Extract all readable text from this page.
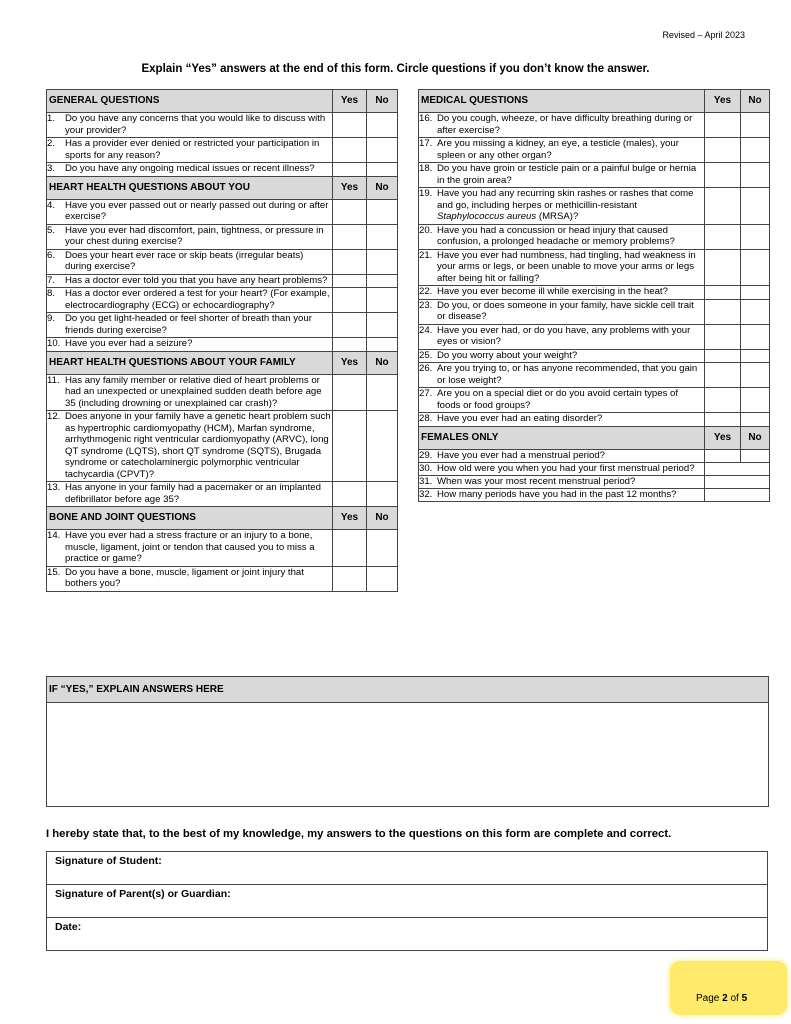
Revised – April 2023
Explain “Yes” answers at the end of this form. Circle questions if you don’t know the answer.
GENERAL QUESTIONS	Yes	No

1. Do you have any concerns that you would like to discuss with your provider?		

2. Has a provider ever denied or restricted your participation in sports for any reason?		

3. Do you have any ongoing medical issues or recent illness?		

HEART HEALTH QUESTIONS ABOUT YOU	Yes	No

4. Have you ever passed out or nearly passed out during or after exercise?		

5. Have you ever had discomfort, pain, tightness, or pressure in your chest during exercise?		

6. Does your heart ever race or skip beats (irregular beats) during exercise?		

7. Has a doctor ever told you that you have any heart problems?		

8. Has a doctor ever ordered a test for your heart? (For example, electrocardiography (ECG) or echocardiography?		

9. Do you get light-headed or feel shorter of breath than your friends during exercise?		

10. Have you ever had a seizure?		

HEART HEALTH QUESTIONS ABOUT YOUR FAMILY	Yes	No

11. Has any family member or relative died of heart problems or had an unexpected or unexplained sudden death before age 35 (including drowning or unexplained car crash)?		

12. Does anyone in your family have a genetic heart problem such as hypertrophic cardiomyopathy (HCM), Marfan syndrome, arrhythmogenic right ventricular cardiomyopathy (ARVC), long QT syndrome (LQTS), short QT syndrome (SQTS), Brugada syndrome or catecholaminergic polymorphic ventricular tachycardia (CPVT)?		

13. Has anyone in your family had a pacemaker or an implanted defibrillator before age 35?		

BONE AND JOINT QUESTIONS	Yes	No

14. Have you ever had a stress fracture or an injury to a bone, muscle, ligament, joint or tendon that caused you to miss a practice or game?		

15. Do you have a bone, muscle, ligament or joint injury that bothers you?		

MEDICAL QUESTIONS	Yes	No

16. Do you cough, wheeze, or have difficulty breathing during or after exercise?		

17. Are you missing a kidney, an eye, a testicle (males), your spleen or any other organ?		

18. Do you have groin or testicle pain or a painful bulge or hernia in the groin area?		

19. Have you had any recurring skin rashes or rashes that come and go, including herpes or methicillin-resistant
Staphylococcus aureus (MRSA)?		

20. Have you had a concussion or head injury that caused confusion, a prolonged headache or memory problems?		

21. Have you ever had numbness, had tingling, had weakness in your arms or legs, or been unable to move your arms or legs after being hit or falling?		

22. Have you ever become ill while exercising in the heat?		

23. Do you, or does someone in your family, have sickle cell trait or disease?		

24. Have you ever had, or do you have, any problems with your eyes or vision?		

25. Do you worry about your weight?		

26. Are you trying to, or has anyone recommended, that you gain or lose weight?		

27. Are you on a special diet or do you avoid certain types of foods or food groups?		

28. Have you ever had an eating disorder?		

FEMALES ONLY	Yes	No

29. Have you ever had a menstrual period?		

30. How old were you when you had your first menstrual period?		

31. When was your most recent menstrual period?		

32. How many periods have you had in the past 12 months?		

IF “YES,” EXPLAIN ANSWERS HERE
I hereby state that, to the best of my knowledge, my answers to the questions on this form are complete and correct.
Signature of Student:
Signature of Parent(s) or Guardian:
Date:
Page 2 of 5
